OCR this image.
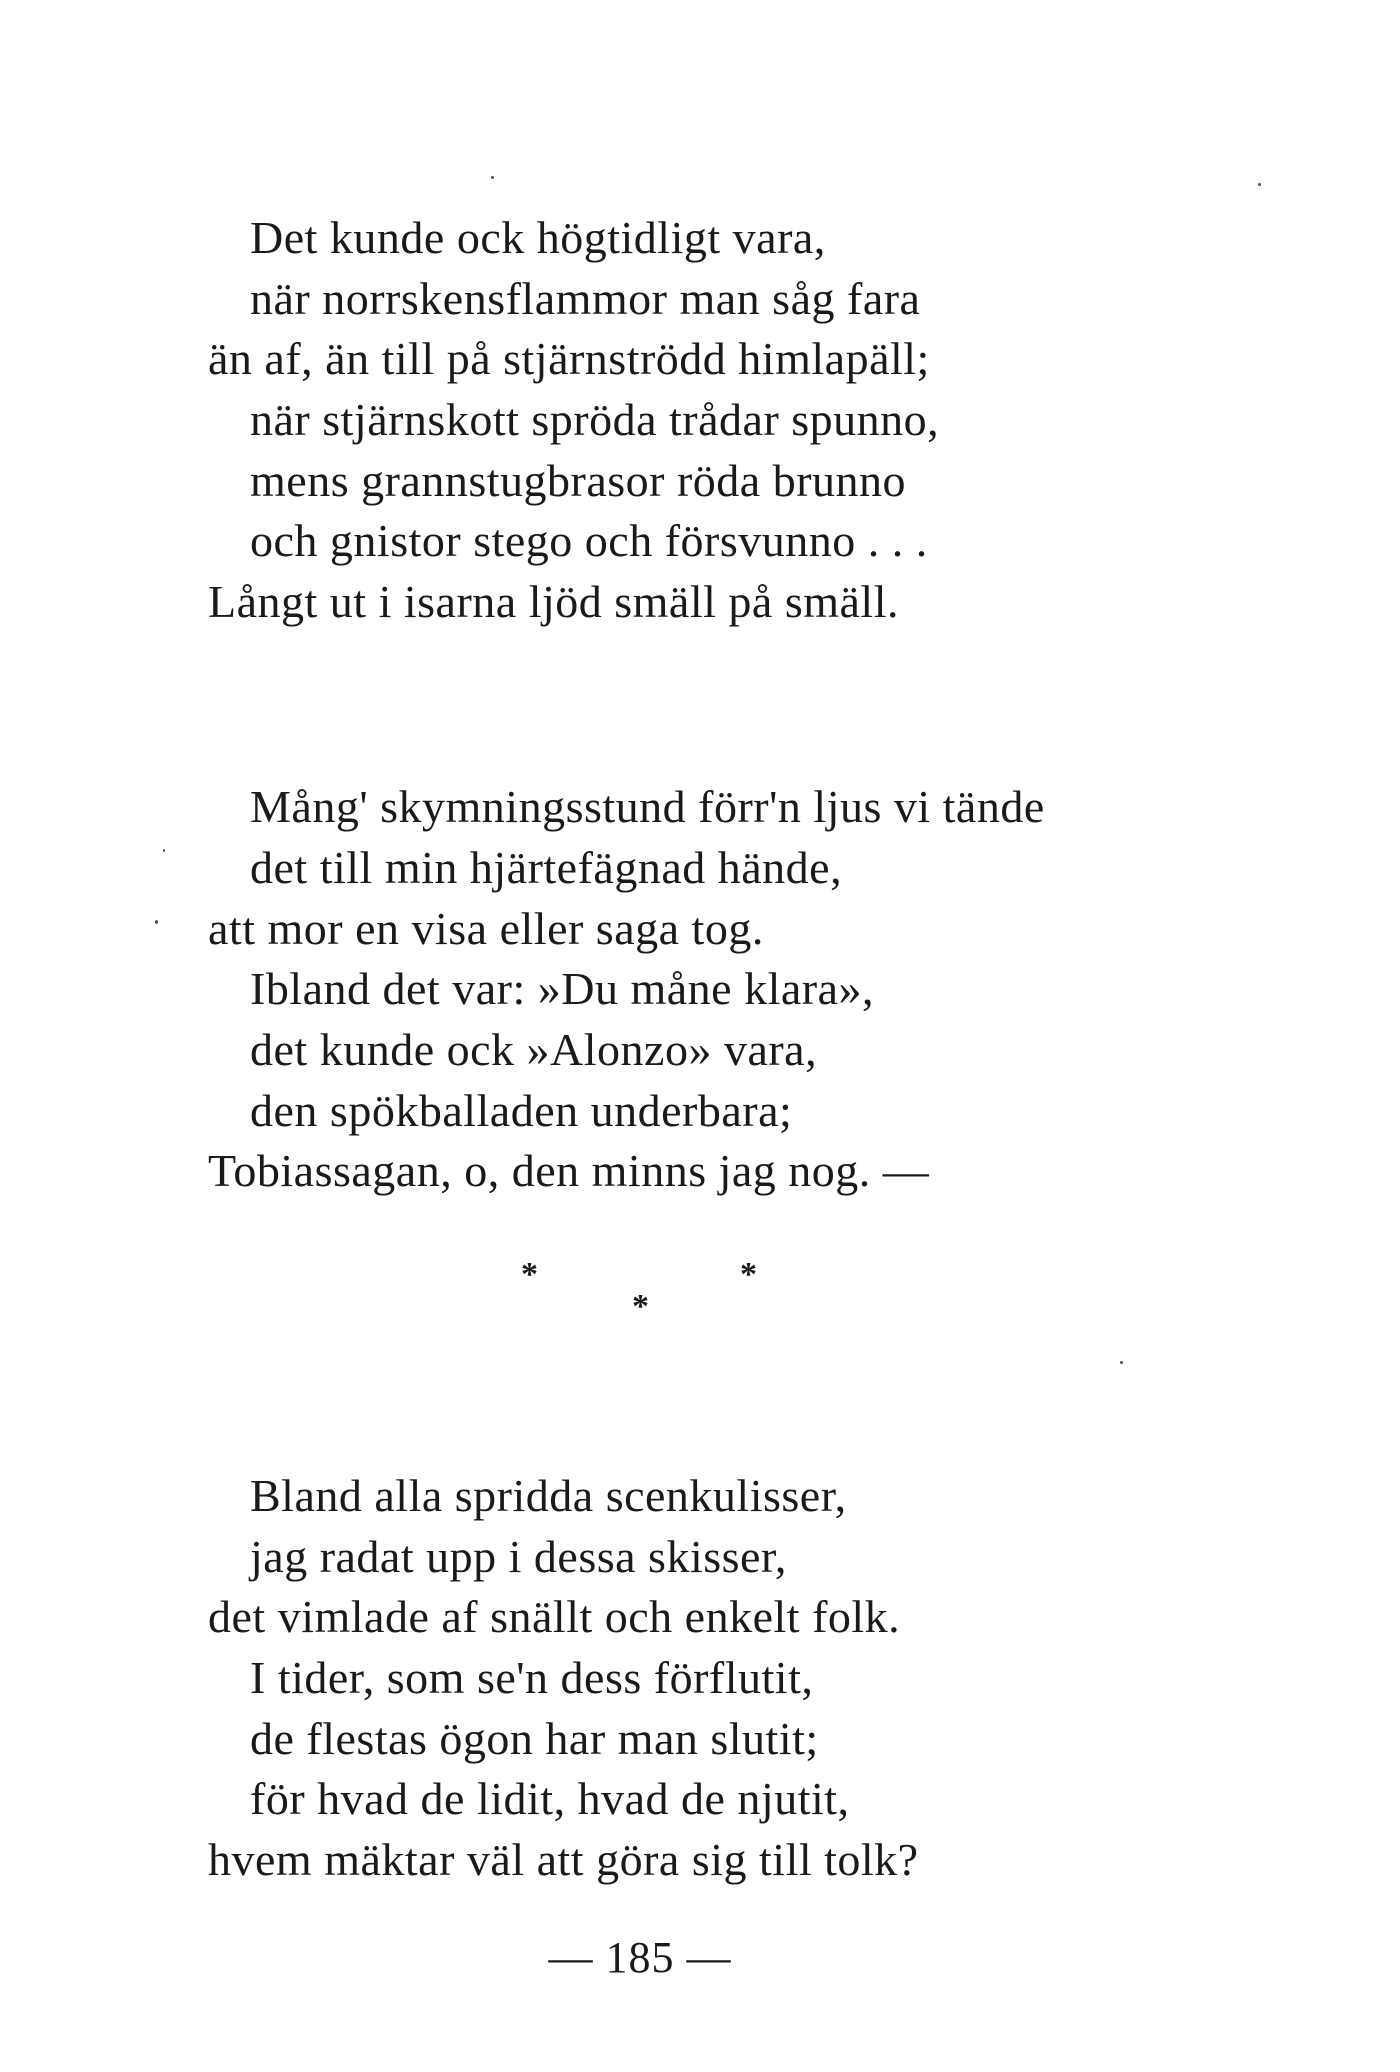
Det kunde ock högtidligt vara,

när norrskensflammor man såg fara

än af, än till på stjärnströdd himlapäll;

när stjärnskott spröda trådar spunno,

mens grannstugbrasor röda brunno

och gnistor stego och försvunno . . .

Långt ut i isarna ljöd smäll på smäll.

Mång' skymningsstund förr'n ljus vi tände

det till min hjärtefägnad hände,

att mor en visa eller saga tog.

Ibland det var: »Du måne klara»,

det kunde ock »Alonzo» vara,

den spökballaden underbara;

Tobiassagan, o, den minns jag nog. —

*	*
*

Bland alla spridda scenkulisser,

jag radat upp i dessa skisser,

det vimlade af snällt och enkelt folk.

I tider, som se'n dess förflutit,

de flestas ögon har man slutit;

för hvad de lidit, hvad de njutit,

hvem mäktar väl att göra sig till tolk?

— 185 —
